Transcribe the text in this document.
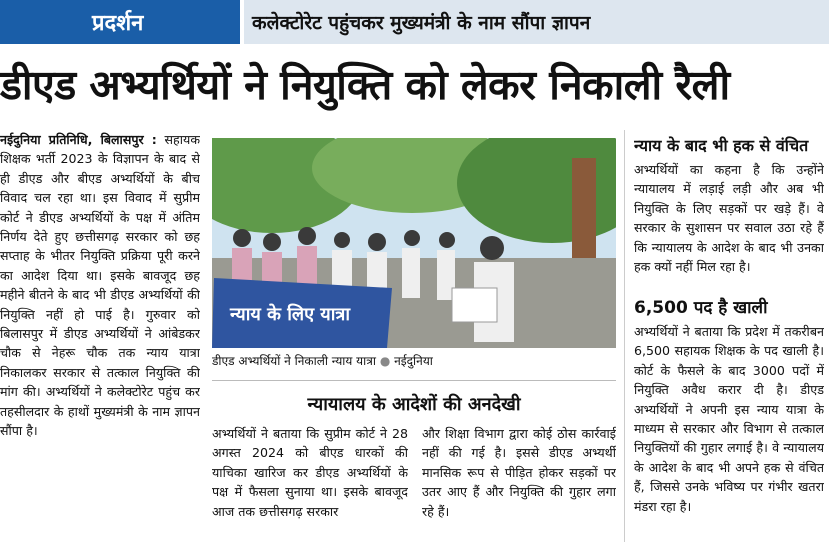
प्रदर्शन	कलेक्टोरेट पहुंचकर मुख्यमंत्री के नाम सौंपा ज्ञापन
डीएड अभ्यर्थियों ने नियुक्ति को लेकर निकाली रैली
नईदुनिया प्रतिनिधि, बिलासपुर : सहायक शिक्षक भर्ती 2023 के विज्ञापन के बाद से ही डीएड और बीएड अभ्यर्थियों के बीच विवाद चल रहा था। इस विवाद में सुप्रीम कोर्ट ने डीएड अभ्यर्थियों के पक्ष में अंतिम निर्णय देते हुए छत्तीसगढ़ सरकार को छह सप्ताह के भीतर नियुक्ति प्रक्रिया पूरी करने का आदेश दिया था। इसके बावजूद छह महीने बीतने के बाद भी डीएड अभ्यर्थियों की नियुक्ति नहीं हो पाई है। गुरुवार को बिलासपुर में डीएड अभ्यर्थियों ने आंबेडकर चौक से नेहरू चौक तक न्याय यात्रा निकालकर सरकार से तत्काल नियुक्ति की मांग की। अभ्यर्थियों ने कलेक्टोरेट पहुंच कर तहसीलदार के हाथों मुख्यमंत्री के नाम ज्ञापन सौंपा है।
न्याय के लिए यात्रा
डीएड अभ्यर्थियों ने निकाली न्याय यात्रा ● नईदुनिया
न्यायालय के आदेशों की अनदेखी
अभ्यर्थियों ने बताया कि सुप्रीम कोर्ट ने 28 अगस्त 2024 को बीएड धारकों की याचिका खारिज कर डीएड अभ्यर्थियों के पक्ष में फैसला सुनाया था। इसके बावजूद आज तक छत्तीसगढ़ सरकार
और शिक्षा विभाग द्वारा कोई ठोस कार्रवाई नहीं की गई है। इससे डीएड अभ्यर्थी मानसिक रूप से पीड़ित होकर सड़कों पर उतर आए हैं और नियुक्ति की गुहार लगा रहे हैं।
न्याय के बाद भी हक से वंचित
अभ्यर्थियों का कहना है कि उन्होंने न्यायालय में लड़ाई लड़ी और अब भी नियुक्ति के लिए सड़कों पर खड़े हैं। वे सरकार के सुशासन पर सवाल उठा रहे हैं कि न्यायालय के आदेश के बाद भी उनका हक क्यों नहीं मिल रहा है।
6,500 पद है खाली
अभ्यर्थियों ने बताया कि प्रदेश में तकरीबन 6,500 सहायक शिक्षक के पद खाली है। कोर्ट के फैसले के बाद 3000 पदों में नियुक्ति अवैध करार दी है। डीएड अभ्यर्थियों ने अपनी इस न्याय यात्रा के माध्यम से सरकार और विभाग से तत्काल नियुक्तियों की गुहार लगाई है। वे न्यायालय के आदेश के बाद भी अपने हक से वंचित हैं, जिससे उनके भविष्य पर गंभीर खतरा मंडरा रहा है।
